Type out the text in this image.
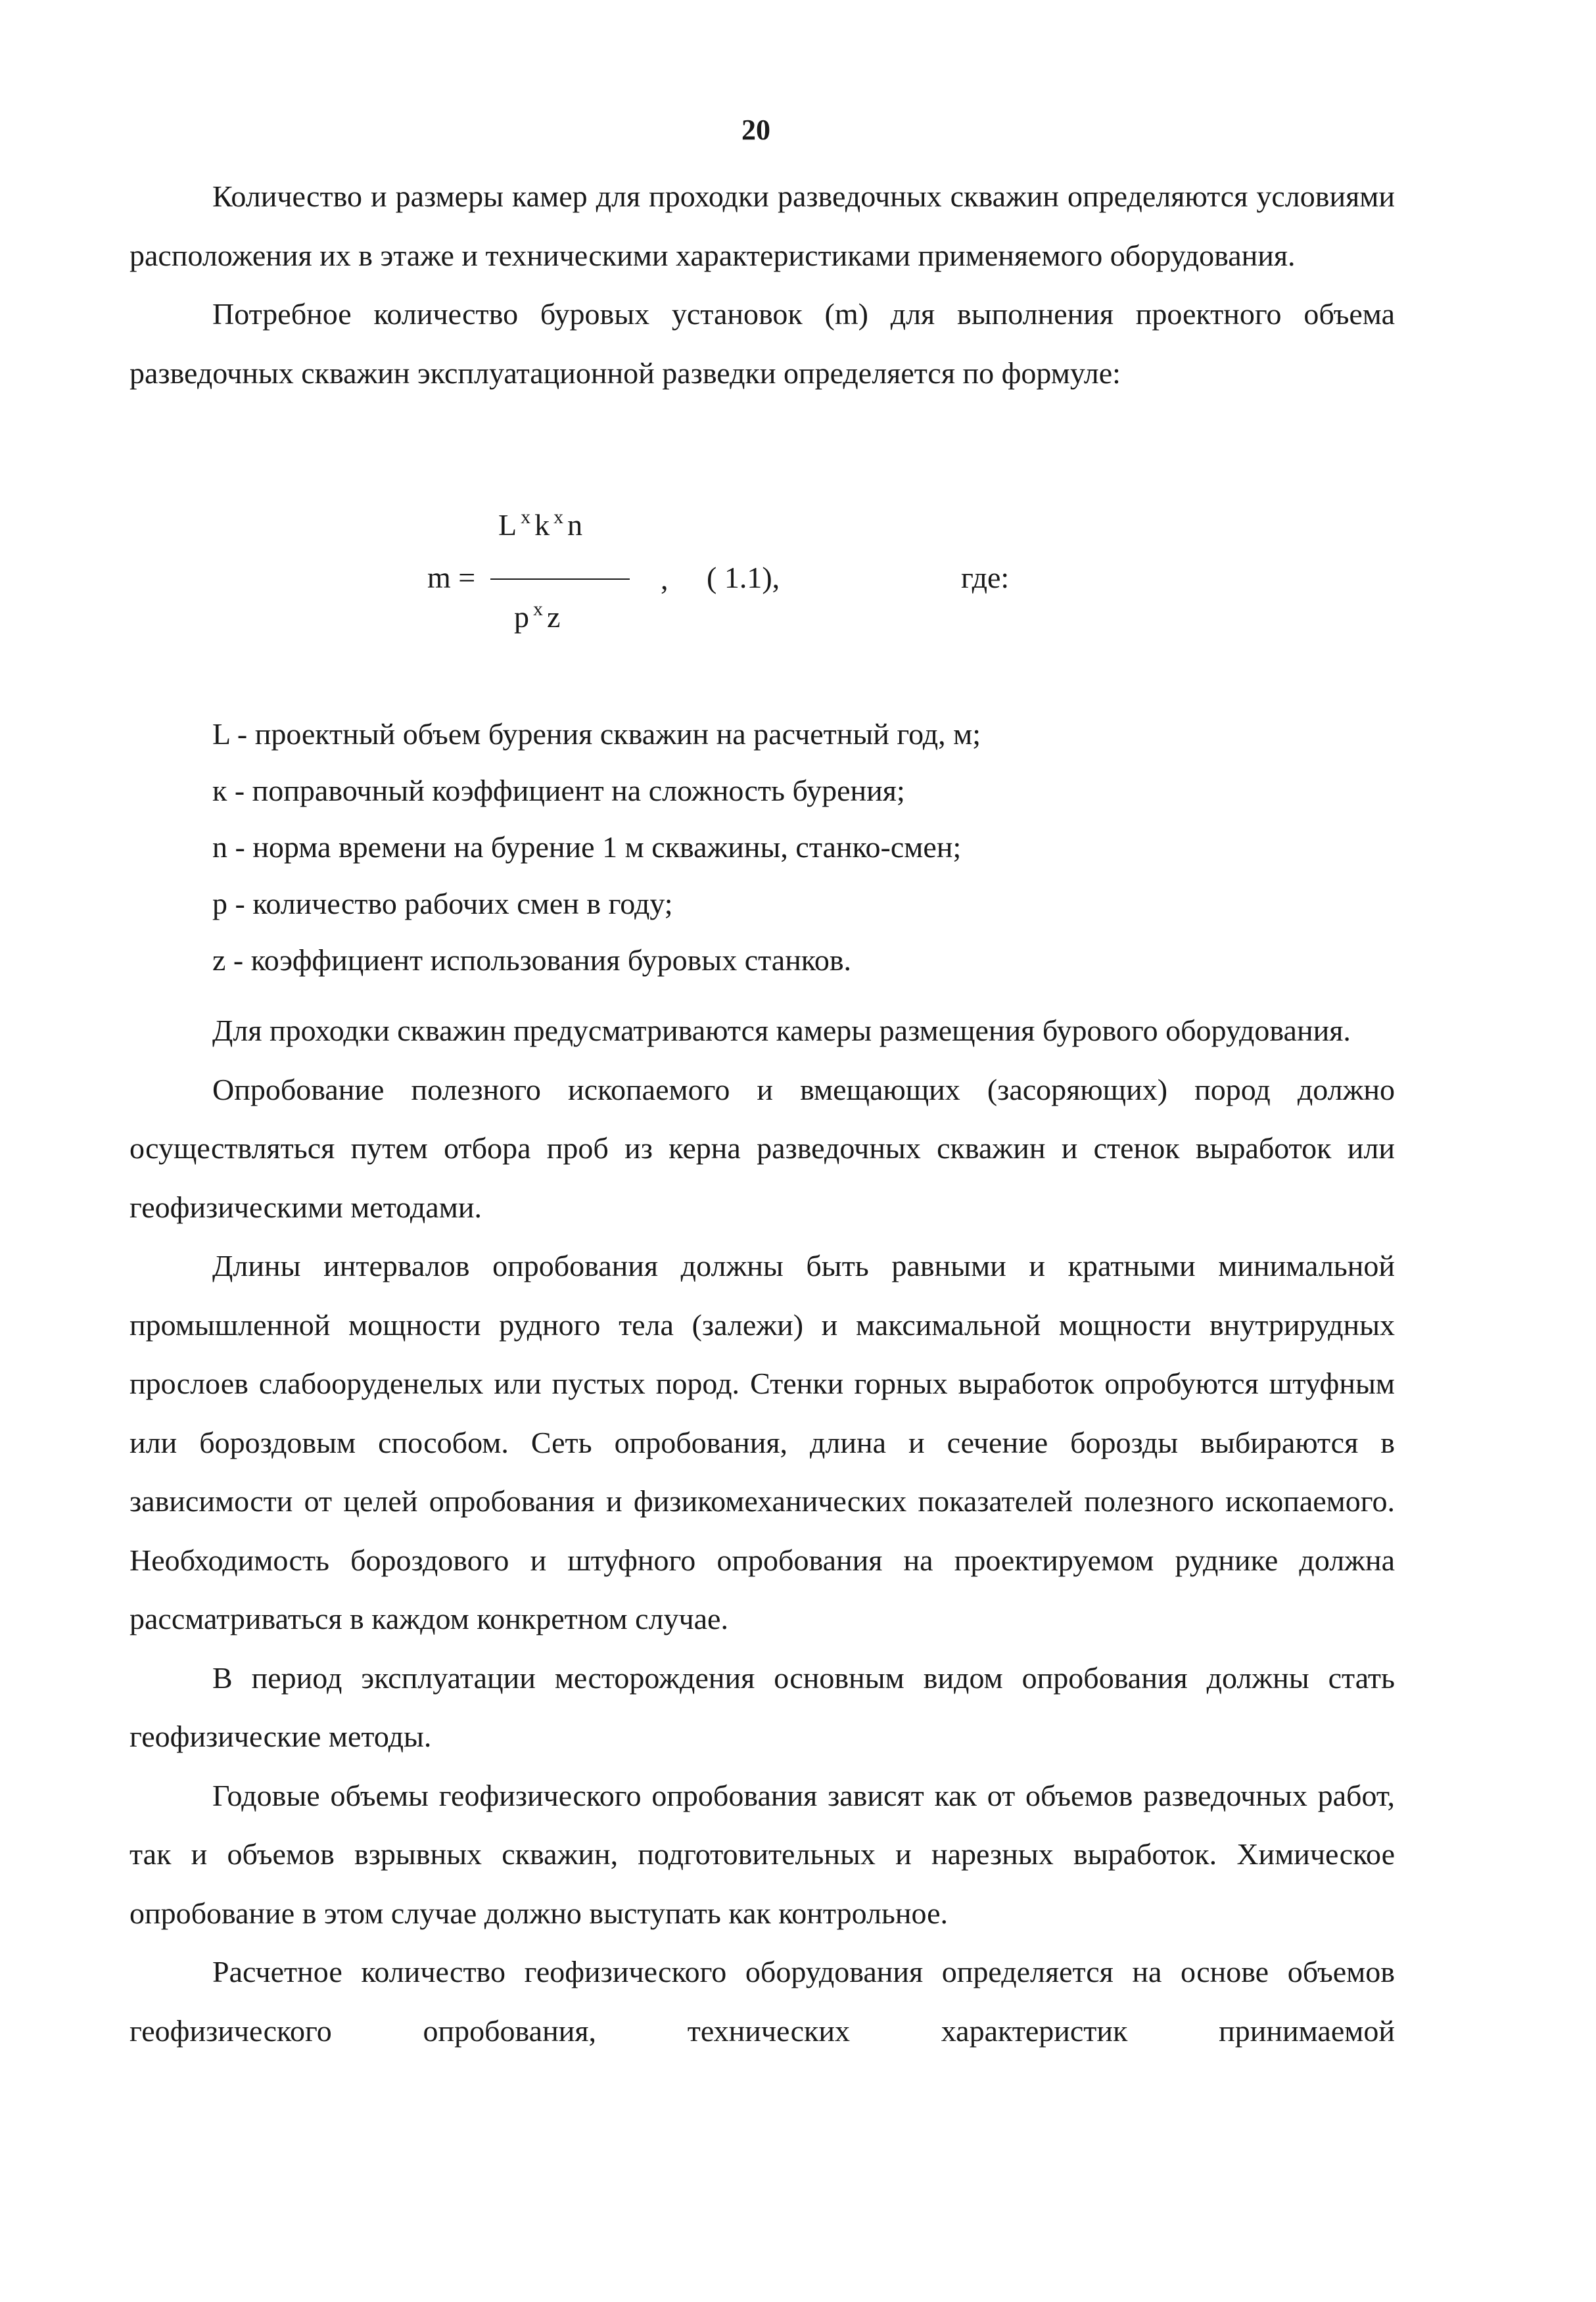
20

Количество и размеры камер для проходки разведочных скважин определяются условиями расположения их в этаже и техническими характеристиками применяемого оборудования.

Потребное количество буровых установок (m) для выполнения проектного объема разведочных скважин эксплуатационной разведки определяется по формуле:

L $^x$ k $^x$ n
m =
p $^x$ z
, ( 1.1),	где:

L - проектный объем бурения скважин на расчетный год, м;

к - поправочный коэффициент на сложность бурения;

n - норма времени на бурение 1 м скважины, станко-смен;

р - количество рабочих смен в году;

z - коэффициент использования буровых станков.

Для проходки скважин предусматриваются камеры размещения бурового оборудования.

Опробование полезного ископаемого и вмещающих (засоряющих) пород должно осуществляться путем отбора проб из керна разведочных скважин и стенок выработок или геофизическими методами.

Длины интервалов опробования должны быть равными и кратными минимальной промышленной мощности рудного тела (залежи) и максимальной мощности внутрирудных прослоев слабооруденелых или пустых пород. Стенки горных выработок опробуются штуфным или бороздовым способом. Сеть опробования, длина и сечение борозды выбираются в зависимости от целей опробования и физикомеханических показателей полезного ископаемого. Необходимость бороздового и штуфного опробования на проектируемом руднике должна рассматриваться в каждом конкретном случае.

В период эксплуатации месторождения основным видом опробования должны стать геофизические методы.

Годовые объемы геофизического опробования зависят как от объемов разведочных работ, так и объемов взрывных скважин, подготовительных и нарезных выработок. Химическое опробование в этом случае должно выступать как контрольное.

Расчетное количество геофизического оборудования определяется на основе объемов геофизического опробования, технических характеристик принимаемой
